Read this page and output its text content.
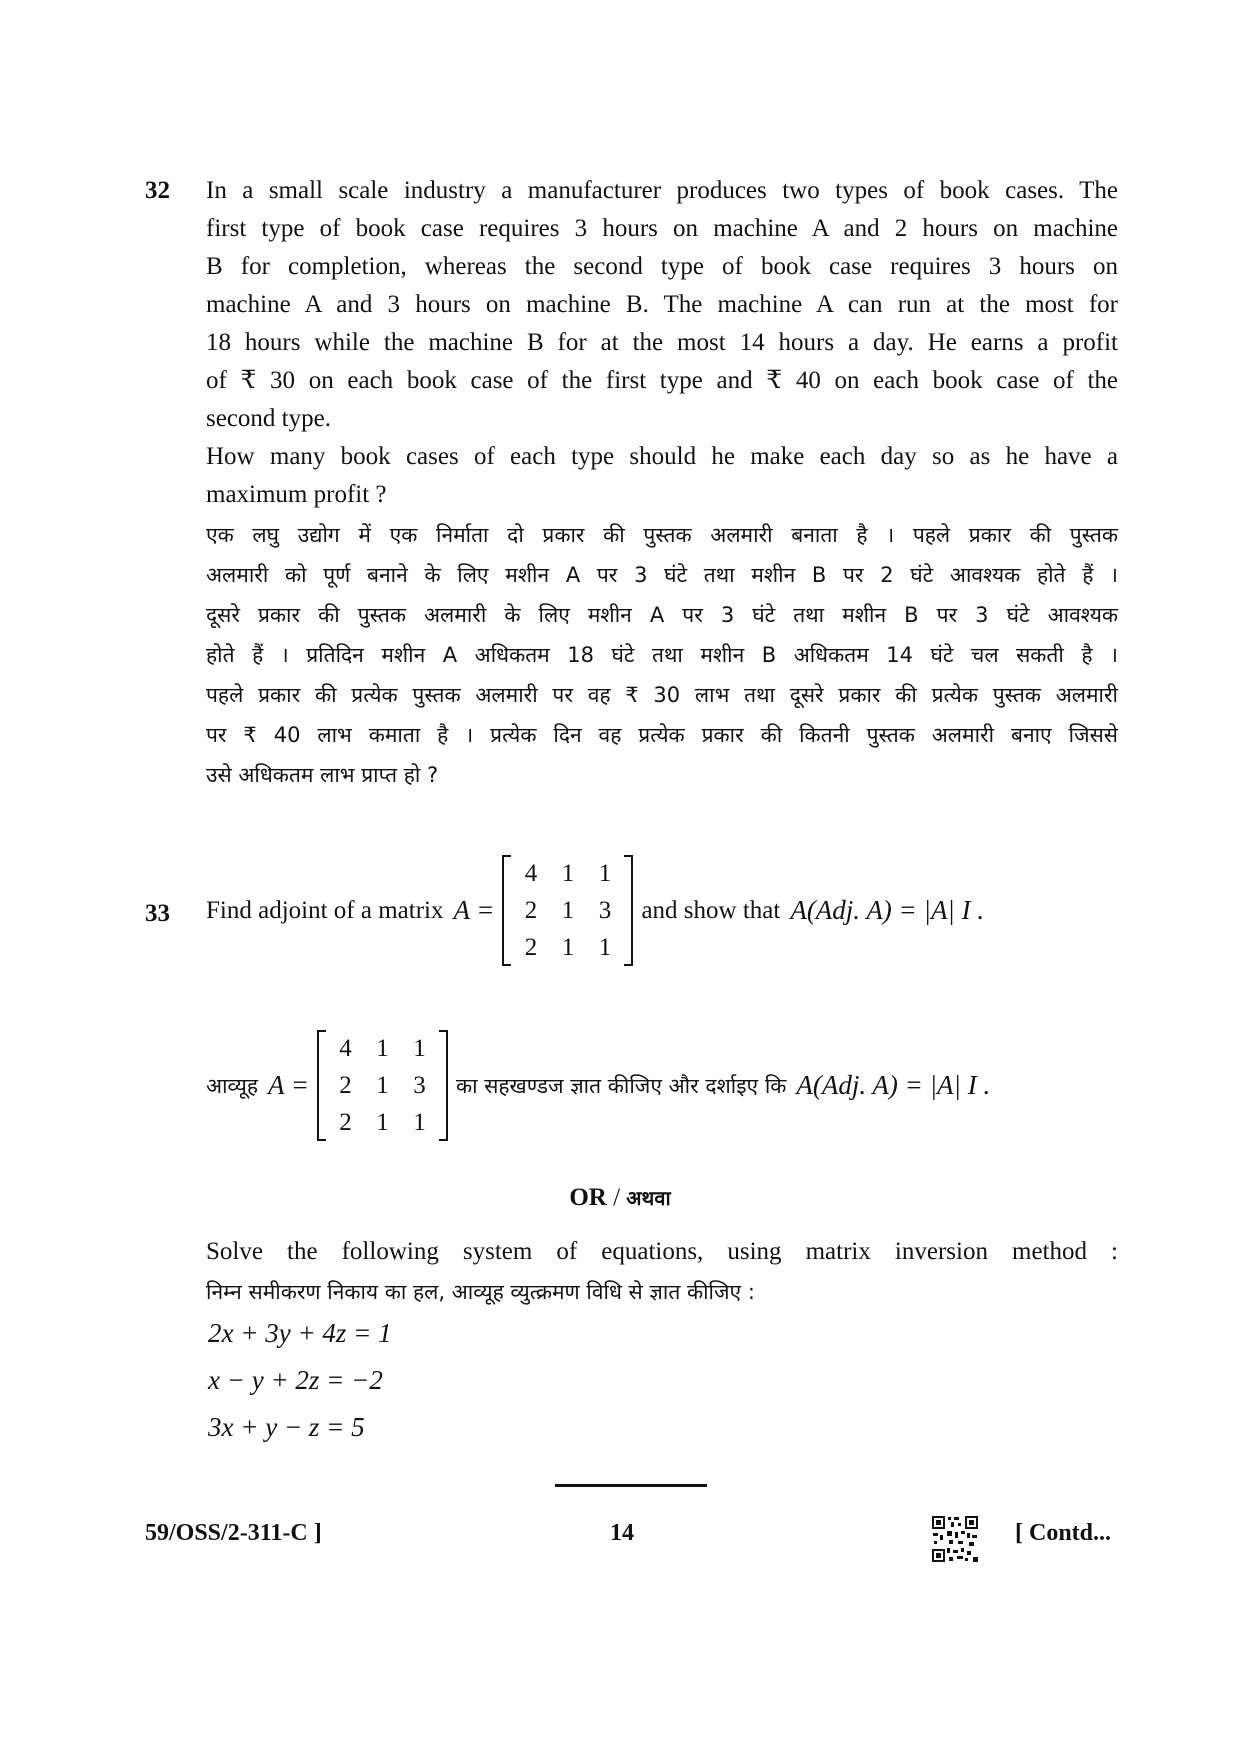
32 In a small scale industry a manufacturer produces two types of book cases. The
first type of book case requires 3 hours on machine A and 2 hours on machine
B for completion, whereas the second type of book case requires 3 hours on
machine A and 3 hours on machine B. The machine A can run at the most for
18 hours while the machine B for at the most 14 hours a day. He earns a profit
of ₹ 30 on each book case of the first type and ₹ 40 on each book case of the
second type.
How many book cases of each type should he make each day so as he have a
maximum profit ?
एक लघु उद्योग में एक निर्माता दो प्रकार की पुस्तक अलमारी बनाता है । पहले प्रकार की पुस्तक
अलमारी को पूर्ण बनाने के लिए मशीन A पर 3 घंटे तथा मशीन B पर 2 घंटे आवश्यक होते हैं ।
दूसरे प्रकार की पुस्तक अलमारी के लिए मशीन A पर 3 घंटे तथा मशीन B पर 3 घंटे आवश्यक
होते हैं । प्रतिदिन मशीन A अधिकतम 18 घंटे तथा मशीन B अधिकतम 14 घंटे चल सकती है ।
पहले प्रकार की प्रत्येक पुस्तक अलमारी पर वह ₹ 30 लाभ तथा दूसरे प्रकार की प्रत्येक पुस्तक अलमारी
पर ₹ 40 लाभ कमाता है । प्रत्येक दिन वह प्रत्येक प्रकार की कितनी पुस्तक अलमारी बनाए जिससे
उसे अधिकतम लाभ प्राप्त हो ?
33 Find adjoint of a matrix A =
4	1	1
2	1	3
2	1	1
and show that A(Adj. A) = |A| I .
आव्यूह A =
4	1	1
2	1	3
2	1	1
का सहखण्डज ज्ञात कीजिए और दर्शाइए कि A(Adj. A) = |A| I .
OR / अथवा
Solve the following system of equations, using matrix inversion method :
निम्न समीकरण निकाय का हल, आव्यूह व्युत्क्रमण विधि से ज्ञात कीजिए :
2x + 3y + 4z = 1
x − y + 2z = −2
3x + y − z = 5
59/OSS/2-311-C ]	14	[ Contd...
